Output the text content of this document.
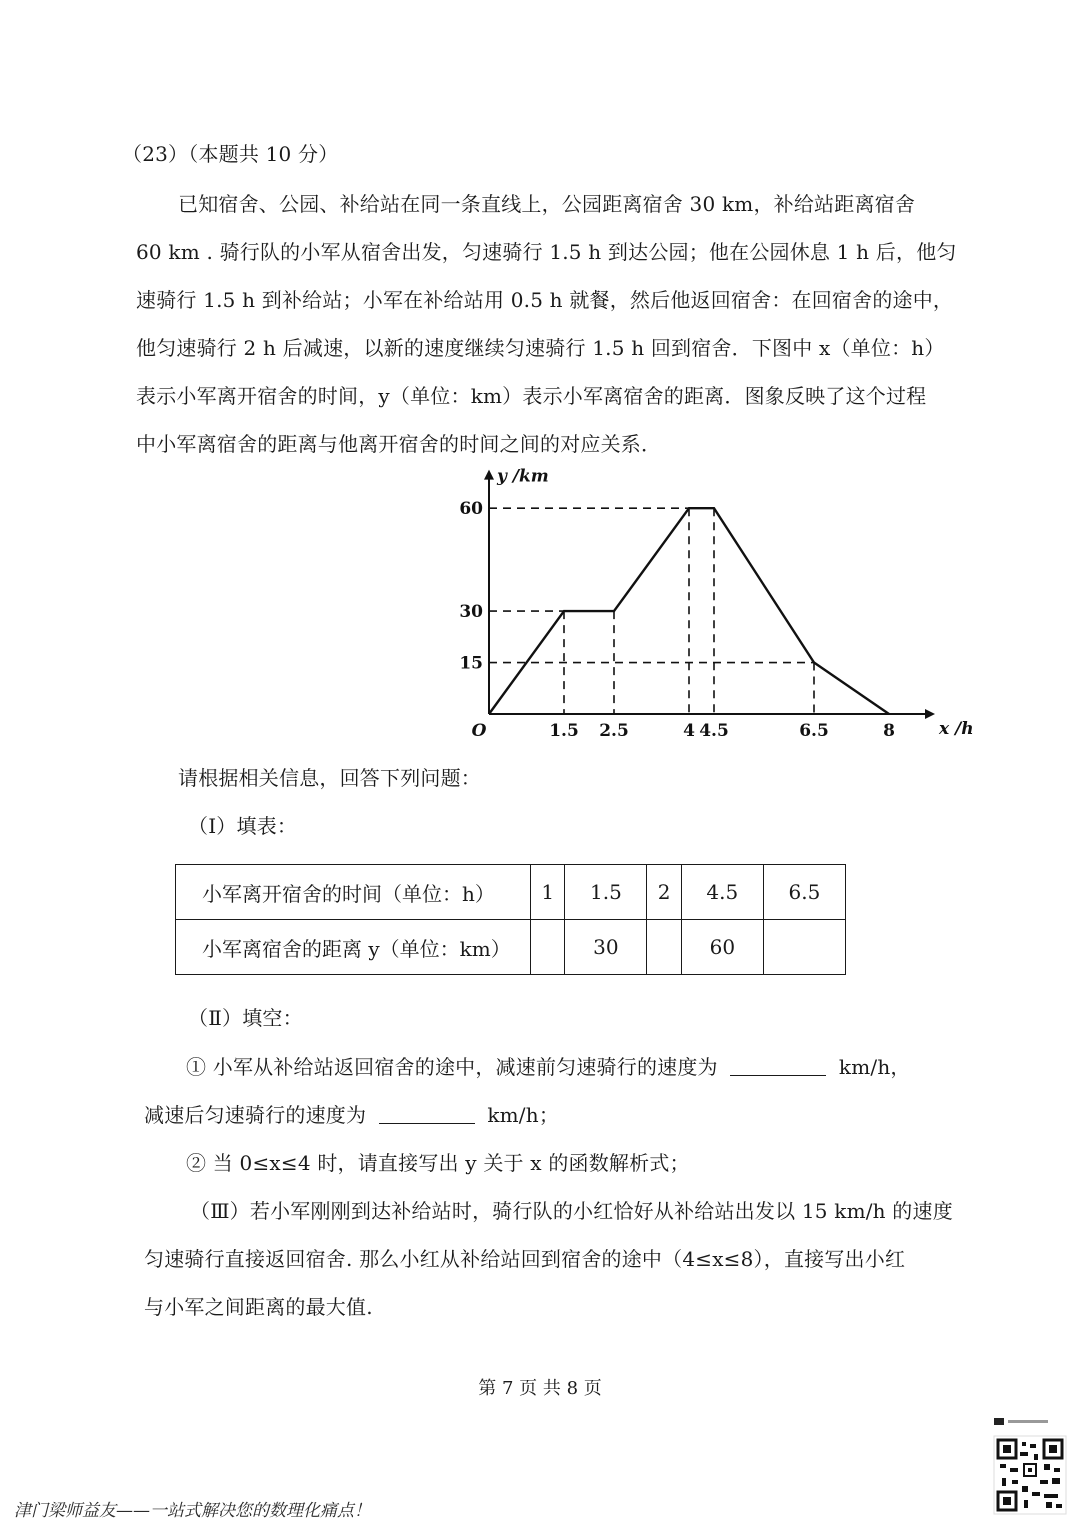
（23）（本题共 10 分）
已知宿舍、公园、补给站在同一条直线上，公园距离宿舍 30 km，补给站距离宿舍
60 km . 骑行队的小军从宿舍出发，匀速骑行 1.5 h 到达公园；他在公园休息 1 h 后，他匀
速骑行 1.5 h 到补给站；小军在补给站用 0.5 h 就餐，然后他返回宿舍：在回宿舍的途中，
他匀速骑行 2 h 后减速，以新的速度继续匀速骑行 1.5 h 回到宿舍．下图中 x（单位：h）
表示小军离开宿舍的时间，y（单位：km）表示小军离宿舍的距离．图象反映了这个过程
中小军离宿舍的距离与他离开宿舍的时间之间的对应关系．
1.5 2.5	4 4.5	6.5	8
60
30
15
O	x /h
y /km
请根据相关信息，回答下列问题：
（Ⅰ）填表：
小军离开宿舍的时间（单位：h）	1	1.5	2	4.5	6.5
小军离宿舍的距离 y（单位：km）		30		60	
（Ⅱ）填空：
① 小军从补给站返回宿舍的途中，减速前匀速骑行的速度为	km/h，
减速后匀速骑行的速度为	km/h；
② 当 0≤x≤4 时，请直接写出 y 关于 x 的函数解析式；
（Ⅲ）若小军刚刚到达补给站时，骑行队的小红恰好从补给站出发以 15 km/h 的速度
匀速骑行直接返回宿舍. 那么小红从补给站回到宿舍的途中（4≤x≤8），直接写出小红
与小军之间距离的最大值.
第 7 页 共 8 页
津门梁师益友——一站式解决您的数理化痛点！
